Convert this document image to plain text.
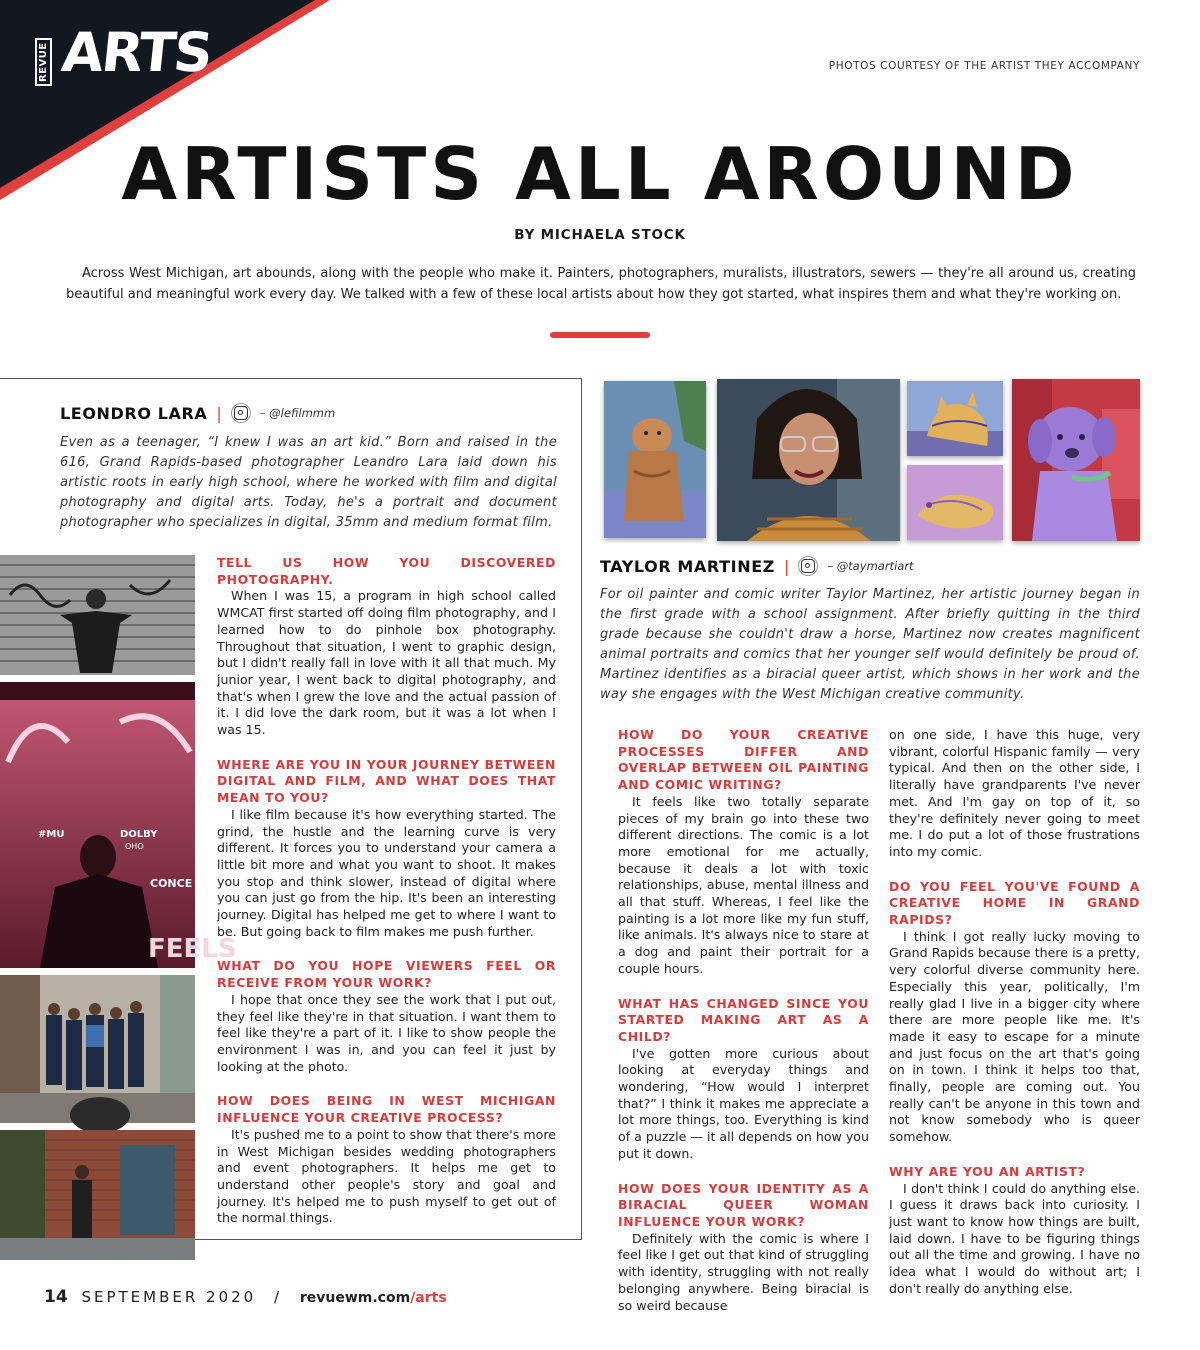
REVUE ARTS	PHOTOS COURTESY OF THE ARTIST THEY ACCOMPANY
ARTISTS ALL AROUND
BY MICHAELA STOCK

Across West Michigan, art abounds, along with the people who make it. Painters, photographers, muralists, illustrators, sewers — they're all around us, creating beautiful and meaningful work every day. We talked with a few of these local artists about how they got started, what inspires them and what they're working on.

LEONDRO LARA |	– @lefilmmm

Even as a teenager, “I knew I was an art kid.” Born and raised in the 616, Grand Rapids-based photographer Leandro Lara laid down his artistic roots in early high school, where he worked with film and digital photography and digital arts. Today, he's a portrait and document photographer who specializes in digital, 35mm and medium format film.

#MU	DOLBY
OHO
CONCE
FEELS

TELL US HOW YOU DISCOVERED PHOTOGRAPHY.

When I was 15, a program in high school called WMCAT first started off doing film photography, and I learned how to do pinhole box photography. Throughout that situation, I went to graphic design, but I didn't really fall in love with it all that much. My junior year, I went back to digital photography, and that's when I grew the love and the actual passion of it. I did love the dark room, but it was a lot when I was 15.

WHERE ARE YOU IN YOUR JOURNEY BETWEEN DIGITAL AND FILM, AND WHAT DOES THAT MEAN TO YOU?

I like film because it's how everything started. The grind, the hustle and the learning curve is very different. It forces you to understand your camera a little bit more and what you want to shoot. It makes you stop and think slower, instead of digital where you can just go from the hip. It's been an interesting journey. Digital has helped me get to where I want to be. But going back to film makes me push further.

WHAT DO YOU HOPE VIEWERS FEEL OR RECEIVE FROM YOUR WORK?

I hope that once they see the work that I put out, they feel like they're in that situation. I want them to feel like they're a part of it. I like to show people the environment I was in, and you can feel it just by looking at the photo.

HOW DOES BEING IN WEST MICHIGAN INFLUENCE YOUR CREATIVE PROCESS?

It's pushed me to a point to show that there's more in West Michigan besides wedding photographers and event photographers. It helps me get to understand other people's story and goal and journey. It's helped me to push myself to get out of the normal things.

TAYLOR MARTINEZ |	– @taymartiart

For oil painter and comic writer Taylor Martinez, her artistic journey began in the first grade with a school assignment. After briefly quitting in the third grade because she couldn't draw a horse, Martinez now creates magnificent animal portraits and comics that her younger self would definitely be proud of. Martinez identifies as a biracial queer artist, which shows in her work and the way she engages with the West Michigan creative community.

HOW DO YOUR CREATIVE PROCESSES DIFFER AND OVERLAP BETWEEN OIL PAINTING AND COMIC WRITING?

It feels like two totally separate pieces of my brain go into these two different directions. The comic is a lot more emotional for me actually, because it deals a lot with toxic relationships, abuse, mental illness and all that stuff. Whereas, I feel like the painting is a lot more like my fun stuff, like animals. It's always nice to stare at a dog and paint their portrait for a couple hours.

WHAT HAS CHANGED SINCE YOU STARTED MAKING ART AS A CHILD?

I've gotten more curious about looking at everyday things and wondering, “How would I interpret that?” I think it makes me appreciate a lot more things, too. Everything is kind of a puzzle — it all depends on how you put it down.

HOW DOES YOUR IDENTITY AS A BIRACIAL QUEER WOMAN INFLUENCE YOUR WORK?

Definitely with the comic is where I feel like I get out that kind of struggling with identity, struggling with not really belonging anywhere. Being biracial is so weird because

on one side, I have this huge, very vibrant, colorful Hispanic family — very typical. And then on the other side, I literally have grandparents I've never met. And I'm gay on top of it, so they're definitely never going to meet me. I do put a lot of those frustrations into my comic.

DO YOU FEEL YOU'VE FOUND A CREATIVE HOME IN GRAND RAPIDS?

I think I got really lucky moving to Grand Rapids because there is a pretty, very colorful diverse community here. Especially this year, politically, I'm really glad I live in a bigger city where there are more people like me. It's made it easy to escape for a minute and just focus on the art that's going on in town. I think it helps too that, finally, people are coming out. You really can't be anyone in this town and not know somebody who is queer somehow.

WHY ARE YOU AN ARTIST?

I don't think I could do anything else. I guess it draws back into curiosity. I just want to know how things are built, laid down. I have to be figuring things out all the time and growing. I have no idea what I would do without art; I don't really do anything else.

14 SEPTEMBER 2020 / revuewm.com/arts
